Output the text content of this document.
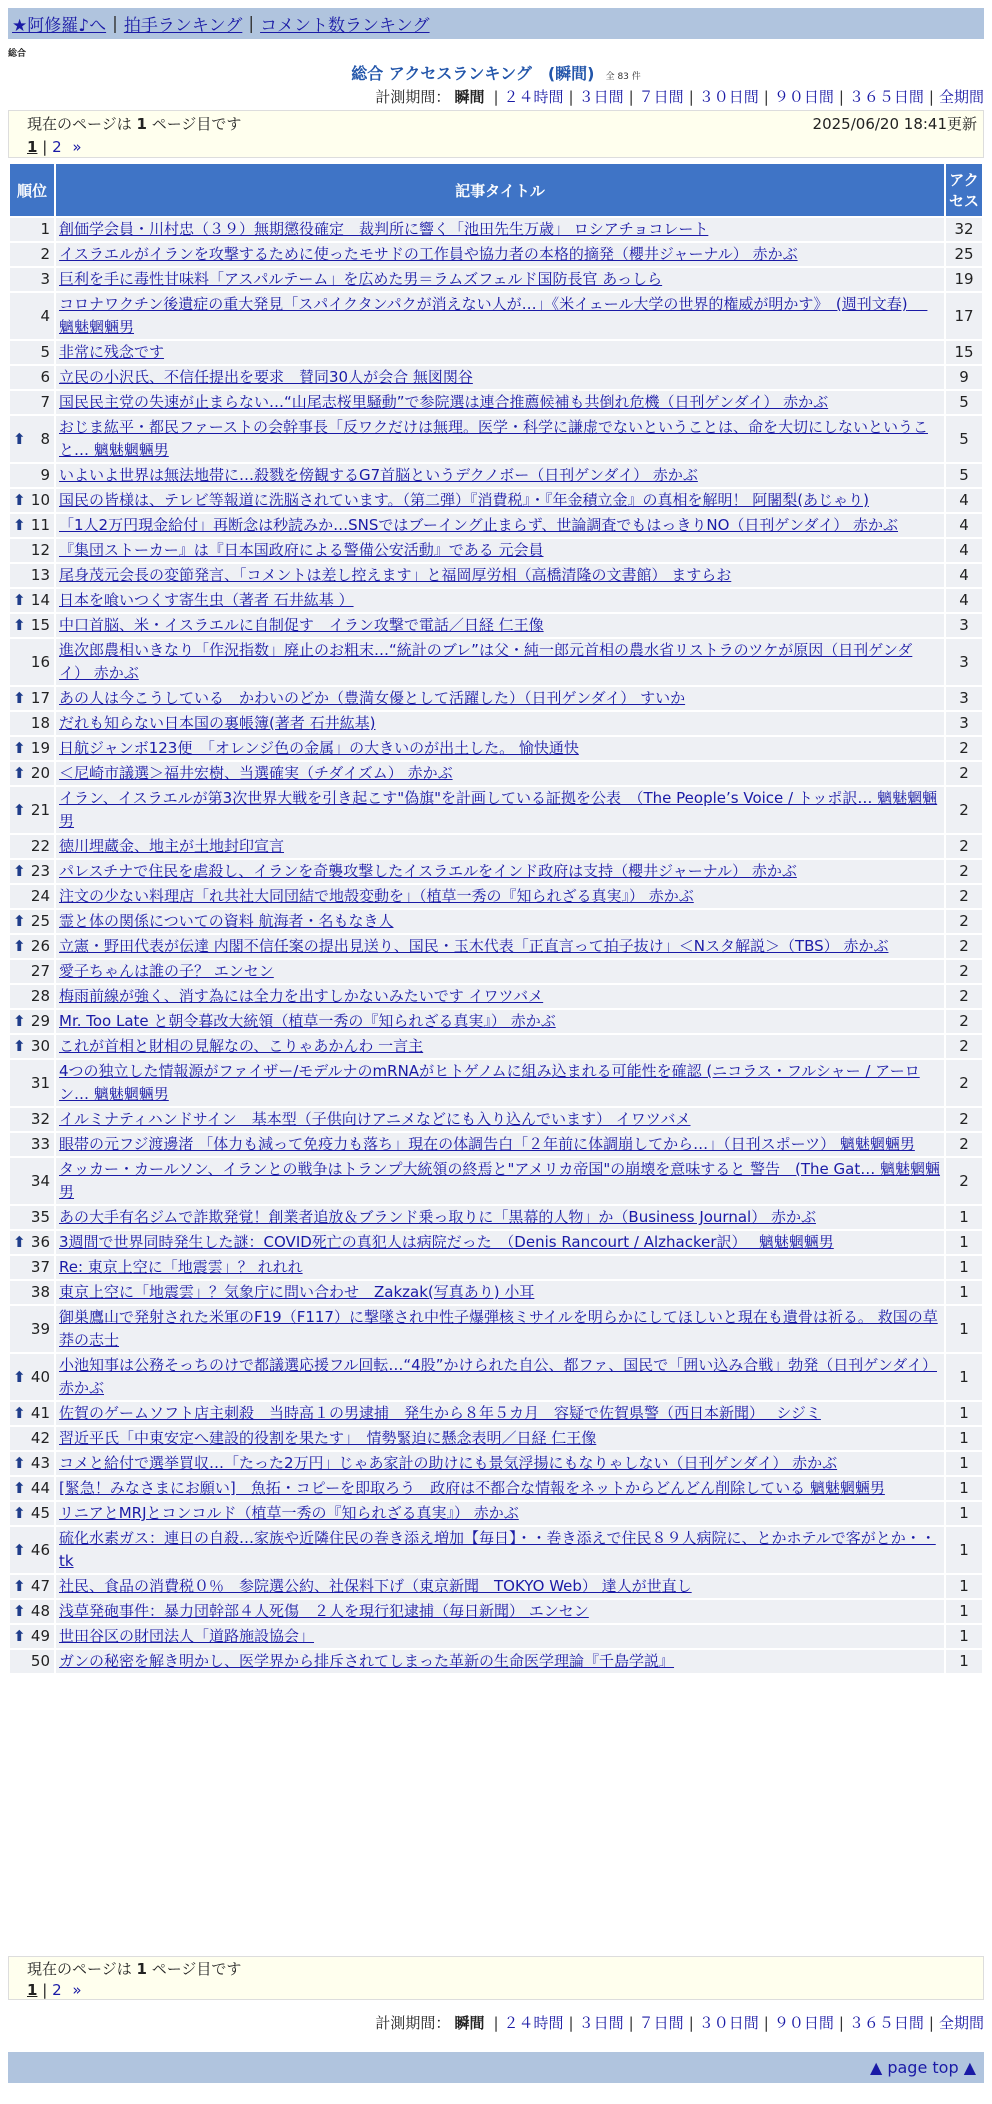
★阿修羅♪へ | 拍手ランキング | コメント数ランキング
総合
総合 アクセスランキング　(瞬間) 全 83 件
計測期間： 瞬間 | ２４時間 | ３日間 | ７日間 | ３０日間 | ９０日間 | ３６５日間 | 全期間
現在のページは 1 ページ目です
1 | 2 »
2025/06/20 18:41更新
順位	記事タイトル	アクセス
1	創価学会員・川村忠（３９）無期懲役確定　裁判所に響く「池田先生万歳」 ロシアチョコレート	32
2	イスラエルがイランを攻撃するために使ったモサドの工作員や協力者の本格的摘発（櫻井ジャーナル） 赤かぶ	25
3	巨利を手に毒性甘味料「アスパルテーム」を広めた男＝ラムズフェルド国防長官 あっしら	19
4	コロナワクチン後遺症の重大発見「スパイクタンパクが消えない人が…」《米イェール大学の世界的権威が明かす》　(週刊文春)　 魑魅魍魎男	17
5	非常に残念です	15
6	立民の小沢氏、不信任提出を要求　賛同30人が会合 無図関谷	9
7	国民民主党の失速が止まらない…“山尾志桜里騒動”で参院選は連合推薦候補も共倒れ危機（日刊ゲンダイ） 赤かぶ	5

⬆ 8	おじま紘平・都民ファーストの会幹事長「反ワクだけは無理。医学・科学に謙虚でないということは、命を大切にしないということ… 魑魅魍魎男	5
9	いよいよ世界は無法地帯に…殺戮を傍観するG7首脳というデクノボー（日刊ゲンダイ） 赤かぶ	5

⬆ 10	国民の皆様は、テレビ等報道に洗脳されています。（第二弾）『消費税』・『年金積立金』の真相を解明！ 阿闍梨(あじゃり)	4

⬆ 11	「1人2万円現金給付」再断念は秒読みか…SNSではブーイング止まらず、世論調査でもはっきりNO（日刊ゲンダイ） 赤かぶ	4
12	『集団ストーカー』は『日本国政府による警備公安活動』である 元会員	4
13	尾身茂元会長の変節発言、「コメントは差し控えます」と福岡厚労相（高橋清隆の文書館） ますらお	4

⬆ 14	日本を喰いつくす寄生虫（著者 石井紘基 ）	4

⬆ 15	中口首脳、米・イスラエルに自制促す　イラン攻撃で電話／日経 仁王像	3
16	進次郎農相いきなり「作況指数」廃止のお粗末…“統計のブレ”は父・純一郎元首相の農水省リストラのツケが原因（日刊ゲンダイ） 赤かぶ	3

⬆ 17	あの人は今こうしている　かわいのどか（豊満女優として活躍した）（日刊ゲンダイ） すいか	3
18	だれも知らない日本国の裏帳簿(著者 石井紘基)	3

⬆ 19	日航ジャンボ123便　「オレンジ色の金属」の大きいのが出土した。 愉快通快	2

⬆ 20	＜尼崎市議選＞福井宏樹、当選確実（チダイズム） 赤かぶ	2

⬆ 21	イラン、イスラエルが第3次世界大戦を引き起こす"偽旗"を計画している証拠を公表　（The People’s Voice / トッポ訳… 魑魅魍魎男	2
22	徳川埋蔵金、地主が土地封印宣言	2

⬆ 23	パレスチナで住民を虐殺し、イランを奇襲攻撃したイスラエルをインド政府は支持（櫻井ジャーナル） 赤かぶ	2
24	注文の少ない料理店「れ共社大同団結で地殻変動を」（植草一秀の『知られざる真実』） 赤かぶ	2

⬆ 25	霊と体の関係についての資料 航海者・名もなき人	2

⬆ 26	立憲・野田代表が伝達 内閣不信任案の提出見送り、国民・玉木代表「正直言って拍子抜け」＜Nスタ解説＞（TBS） 赤かぶ	2
27	愛子ちゃんは誰の子？ エンセン	2
28	梅雨前線が強く、消す為には全力を出すしかないみたいです イワツバメ	2

⬆ 29	Mr. Too Late と朝令暮改大統領（植草一秀の『知られざる真実』） 赤かぶ	2

⬆ 30	これが首相と財相の見解なの、こりゃあかんわ 一言主	2
31	4つの独立した情報源がファイザー/モデルナのmRNAがヒトゲノムに組み込まれる可能性を確認 (ニコラス・フルシャー / アーロン… 魑魅魍魎男	2
32	イルミナティハンドサイン　基本型（子供向けアニメなどにも入り込んでいます） イワツバメ	2
33	眼帯の元フジ渡邊渚 「体力も減って免疫力も落ち」現在の体調告白「２年前に体調崩してから…」（日刊スポーツ） 魑魅魍魎男	2
34	タッカー・カールソン、イランとの戦争はトランプ大統領の終焉と"アメリカ帝国"の崩壊を意味すると 警告　(The Gat… 魑魅魍魎男	2
35	あの大手有名ジムで詐欺発覚！創業者追放＆ブランド乗っ取りに「黒幕的人物」か（Business Journal） 赤かぶ	1

⬆ 36	3週間で世界同時発生した謎：COVID死亡の真犯人は病院だった　（Denis Rancourt / Alzhacker訳）　 魑魅魍魎男	1
37	Re: 東京上空に「地震雲」？ れれれ	1
38	東京上空に「地震雲」？気象庁に問い合わせ　Zakzak(写真あり) 小耳	1
39	御巣鷹山で発射された米軍のF19（F117）に撃墜され中性子爆弾核ミサイルを明らかにしてほしいと現在も遺骨は祈る。 救国の草莽の志士	1

⬆ 40	小池知事は公務そっちのけで都議選応援フル回転…“4股”かけられた自公、都ファ、国民で「囲い込み合戦」勃発（日刊ゲンダイ） 赤かぶ	1

⬆ 41	佐賀のゲームソフト店主刺殺　当時高１の男逮捕　発生から８年５カ月　容疑で佐賀県警（西日本新聞）　 シジミ	1
42	習近平氏「中東安定へ建設的役割を果たす」　情勢緊迫に懸念表明／日経 仁王像	1

⬆ 43	コメと給付で選挙買収…「たった2万円」じゃあ家計の助けにも景気浮揚にもなりゃしない（日刊ゲンダイ） 赤かぶ	1

⬆ 44	[緊急！みなさまにお願い]　魚拓・コピーを即取ろう　政府は不都合な情報をネットからどんどん削除している 魑魅魍魎男	1

⬆ 45	リニアとMRJとコンコルド（植草一秀の『知られざる真実』） 赤かぶ	1

⬆ 46	硫化水素ガス：連日の自殺…家族や近隣住民の巻き添え増加【毎日】・・巻き添えで住民８９人病院に、とかホテルで客がとか・・ tk	1

⬆ 47	社民、食品の消費税０％　参院選公約、社保料下げ（東京新聞　TOKYO Web） 達人が世直し	1

⬆ 48	浅草発砲事件：暴力団幹部４人死傷　２人を現行犯逮捕（毎日新聞） エンセン	1

⬆ 49	世田谷区の財団法人「道路施設協会」	1
50	ガンの秘密を解き明かし、医学界から排斥されてしまった革新の生命医学理論『千島学説』	1
現在のページは 1 ページ目です
1 | 2 »
計測期間： 瞬間 | ２４時間 | ３日間 | ７日間 | ３０日間 | ９０日間 | ３６５日間 | 全期間
▲ page top ▲
